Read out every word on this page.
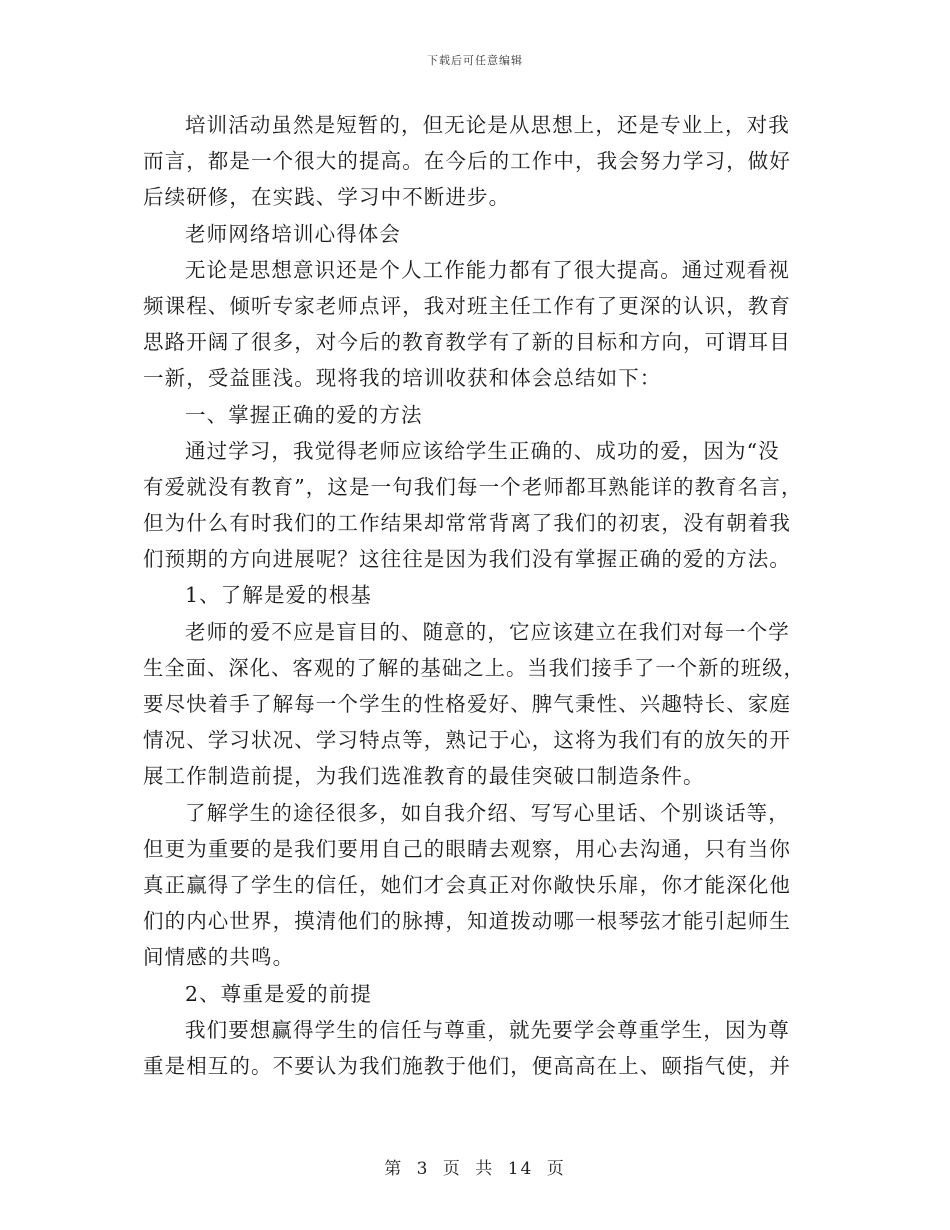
下载后可任意编辑
培训活动虽然是短暂的，但无论是从思想上，还是专业上，对我
而言，都是一个很大的提高。在今后的工作中，我会努力学习，做好
后续研修，在实践、学习中不断进步。
老师网络培训心得体会
无论是思想意识还是个人工作能力都有了很大提高。通过观看视
频课程、倾听专家老师点评，我对班主任工作有了更深的认识，教育
思路开阔了很多，对今后的教育教学有了新的目标和方向，可谓耳目
一新，受益匪浅。现将我的培训收获和体会总结如下：
一、掌握正确的爱的方法
通过学习，我觉得老师应该给学生正确的、成功的爱，因为“没
有爱就没有教育”，这是一句我们每一个老师都耳熟能详的教育名言，
但为什么有时我们的工作结果却常常背离了我们的初衷，没有朝着我
们预期的方向进展呢？这往往是因为我们没有掌握正确的爱的方法。
1、了解是爱的根基
老师的爱不应是盲目的、随意的，它应该建立在我们对每一个学
生全面、深化、客观的了解的基础之上。当我们接手了一个新的班级，
要尽快着手了解每一个学生的性格爱好、脾气秉性、兴趣特长、家庭
情况、学习状况、学习特点等，熟记于心，这将为我们有的放矢的开
展工作制造前提，为我们选准教育的最佳突破口制造条件。
了解学生的途径很多，如自我介绍、写写心里话、个别谈话等，
但更为重要的是我们要用自己的眼睛去观察，用心去沟通，只有当你
真正赢得了学生的信任，她们才会真正对你敞快乐扉，你才能深化他
们的内心世界，摸清他们的脉搏，知道拨动哪一根琴弦才能引起师生
间情感的共鸣。
2、尊重是爱的前提
我们要想赢得学生的信任与尊重，就先要学会尊重学生，因为尊
重是相互的。不要认为我们施教于他们，便高高在上、颐指气使，并
第 3 页 共 14 页
